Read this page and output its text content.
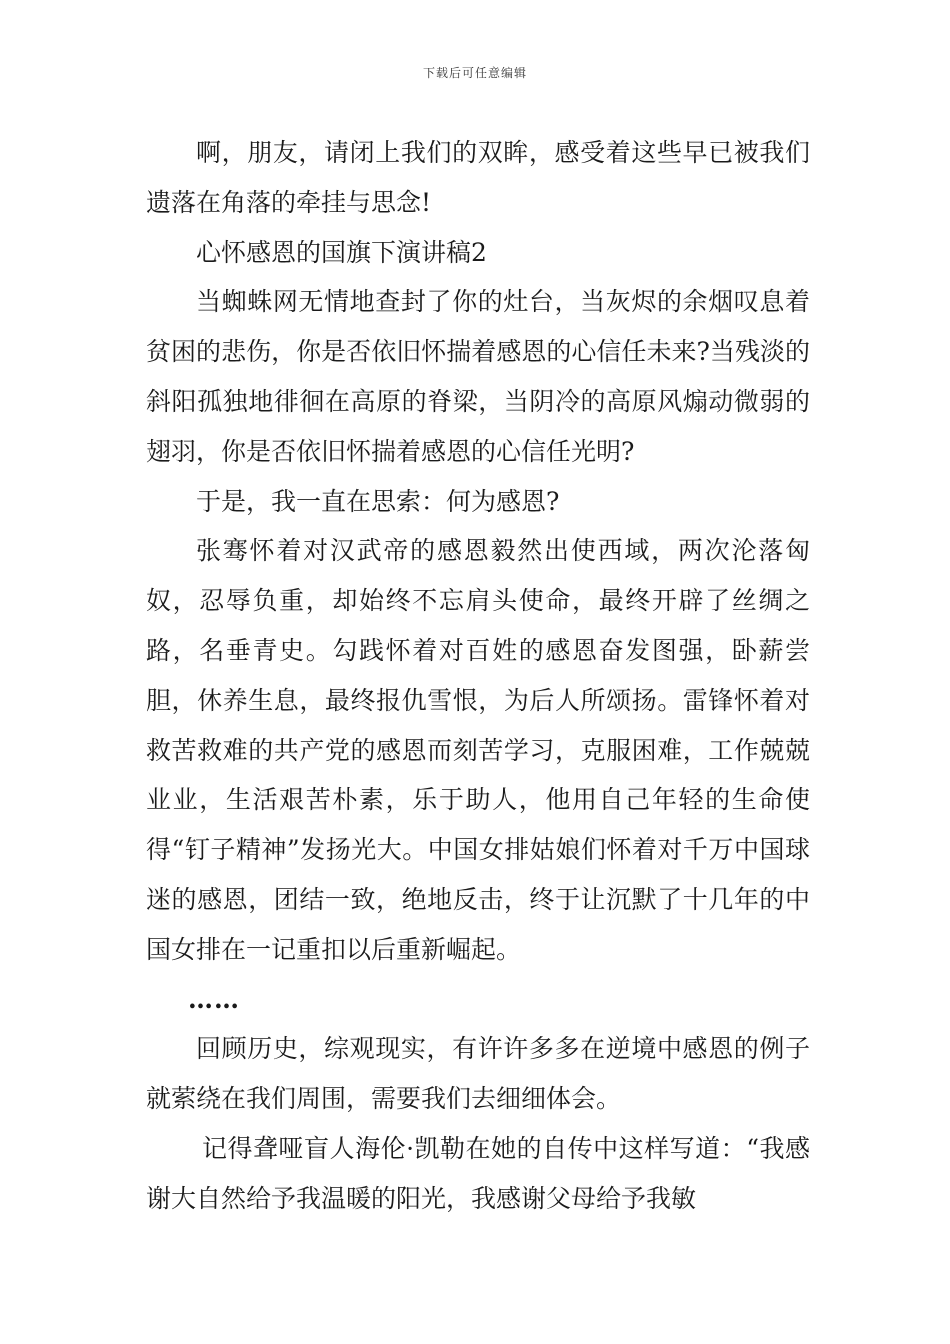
下载后可任意编辑

啊，朋友，请闭上我们的双眸，感受着这些早已被我们遗落在角落的牵挂与思念!

心怀感恩的国旗下演讲稿2

当蜘蛛网无情地查封了你的灶台，当灰烬的余烟叹息着贫困的悲伤，你是否依旧怀揣着感恩的心信任未来?当残淡的斜阳孤独地徘徊在高原的脊梁，当阴冷的高原风煽动微弱的翅羽，你是否依旧怀揣着感恩的心信任光明?

于是，我一直在思索：何为感恩?

张骞怀着对汉武帝的感恩毅然出使西域，两次沦落匈奴，忍辱负重，却始终不忘肩头使命，最终开辟了丝绸之路，名垂青史。勾践怀着对百姓的感恩奋发图强，卧薪尝胆，休养生息，最终报仇雪恨，为后人所颂扬。雷锋怀着对救苦救难的共产党的感恩而刻苦学习，克服困难，工作兢兢业业，生活艰苦朴素，乐于助人，他用自己年轻的生命使得“钉子精神”发扬光大。中国女排姑娘们怀着对千万中国球迷的感恩，团结一致，绝地反击，终于让沉默了十几年的中国女排在一记重扣以后重新崛起。

……

回顾历史，综观现实，有许许多多在逆境中感恩的例子就萦绕在我们周围，需要我们去细细体会。

记得聋哑盲人海伦·凯勒在她的自传中这样写道：“我感谢大自然给予我温暖的阳光，我感谢父母给予我敏
